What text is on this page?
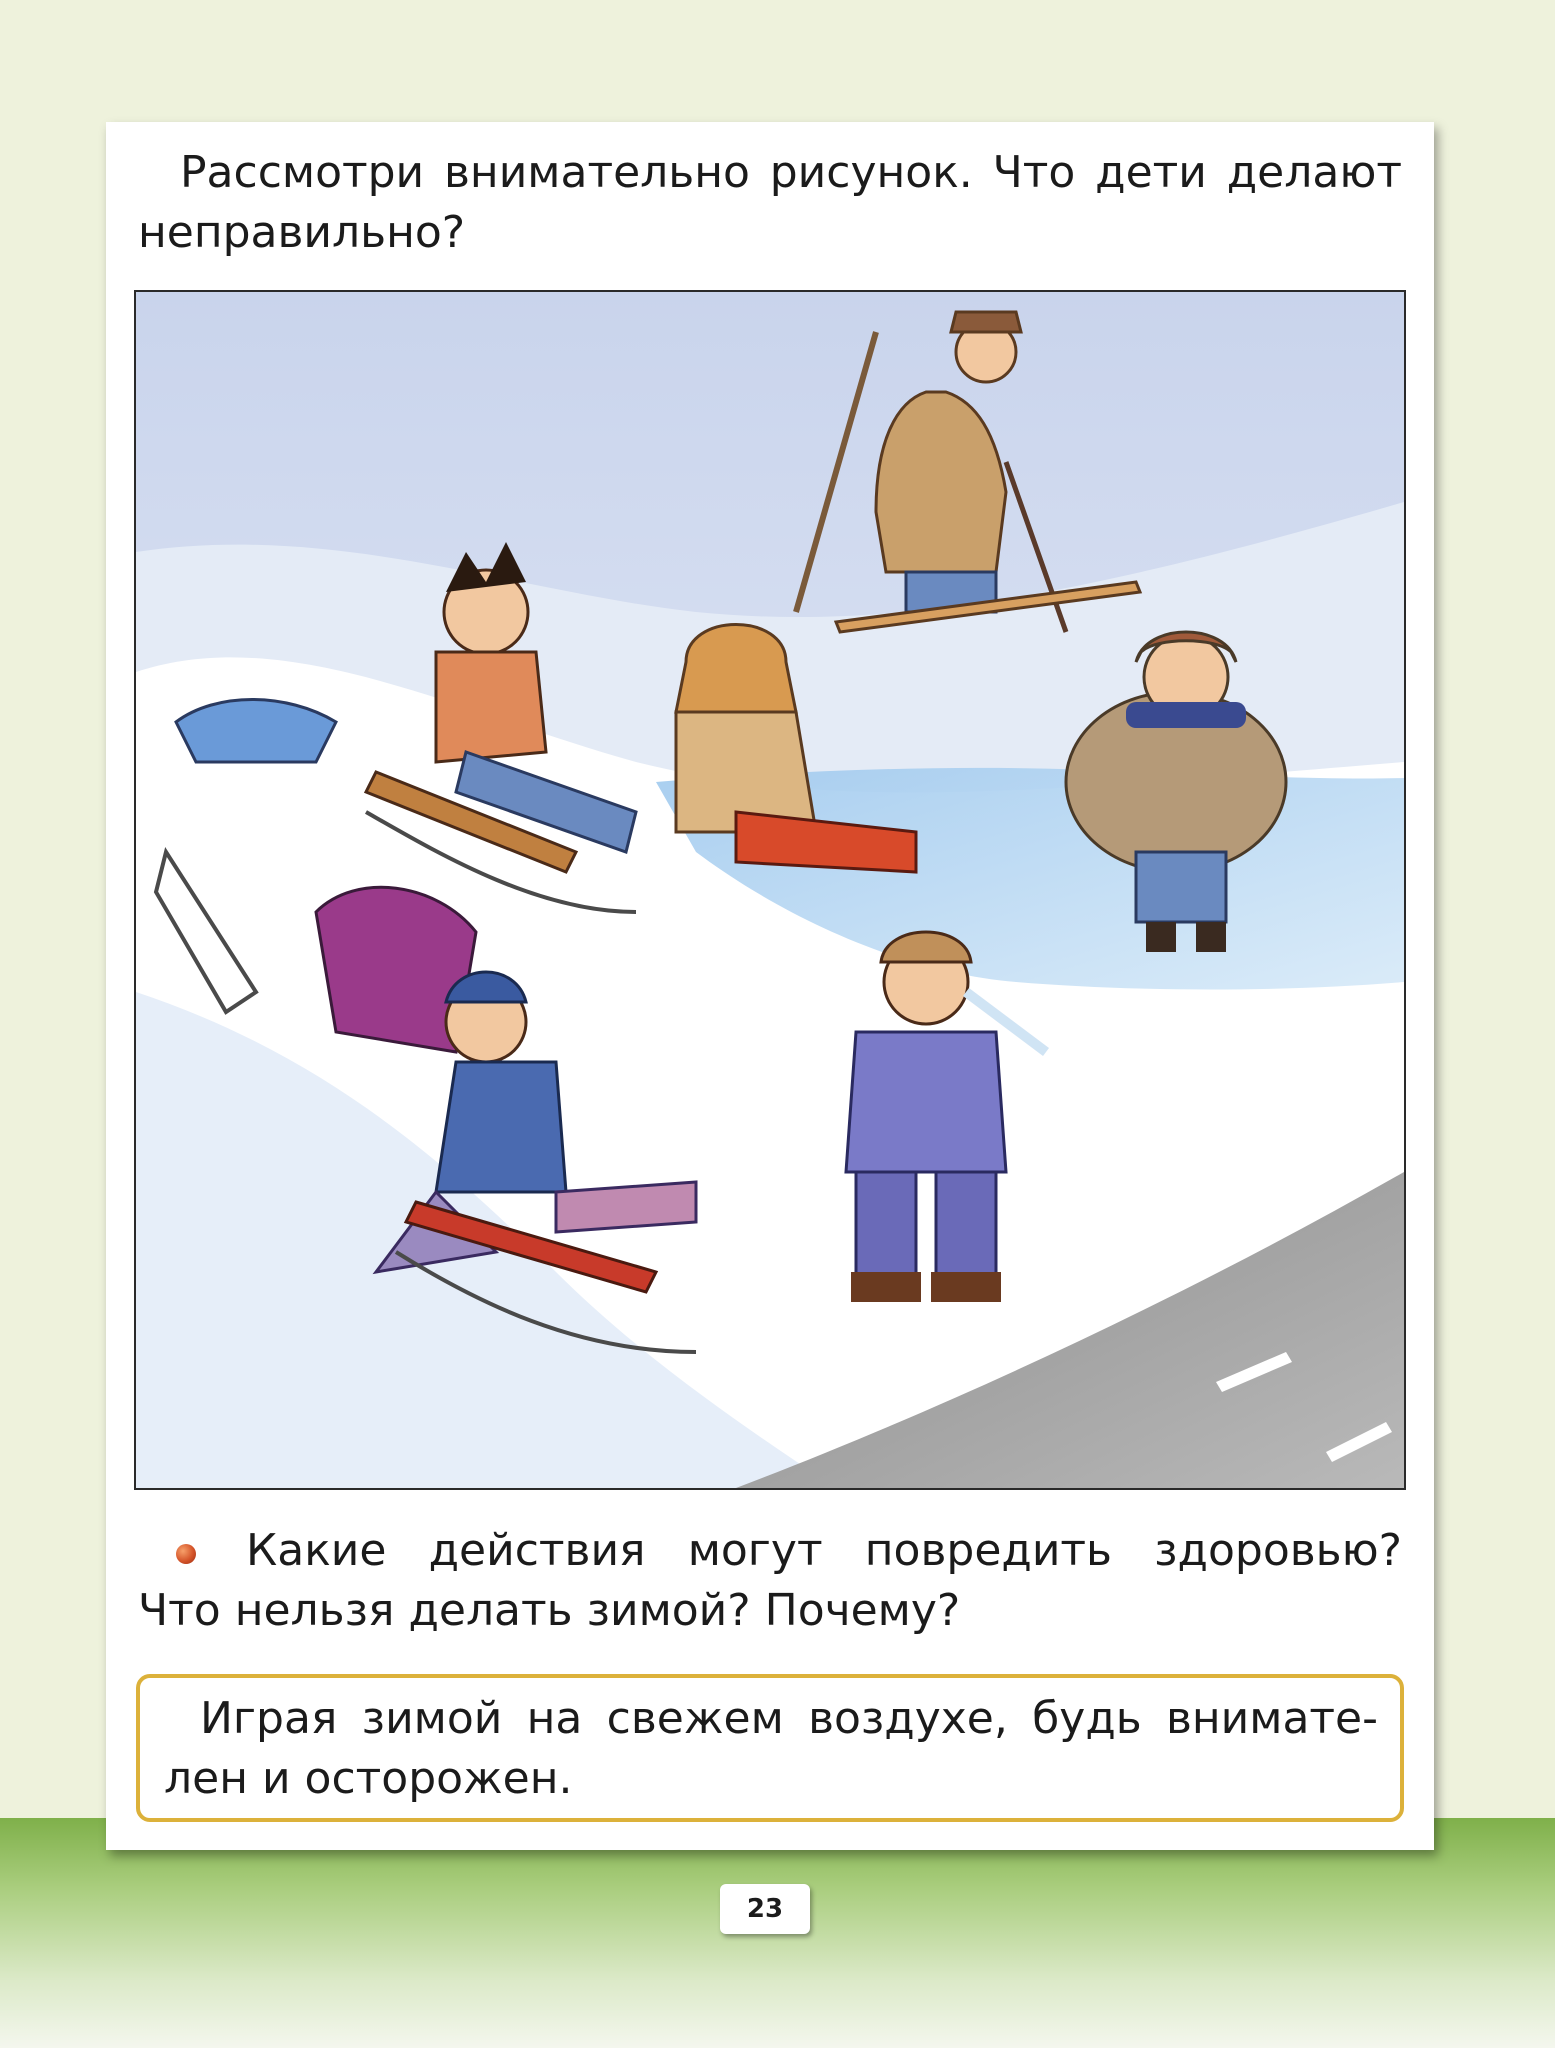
Рассмотри внимательно рисунок. Что дети делают
неправильно?
Какие действия могут повредить здоровью?
Что нельзя делать зимой? Почему?
Играя зимой на свежем воздухе, будь внимате-
лен и осторожен.
23
